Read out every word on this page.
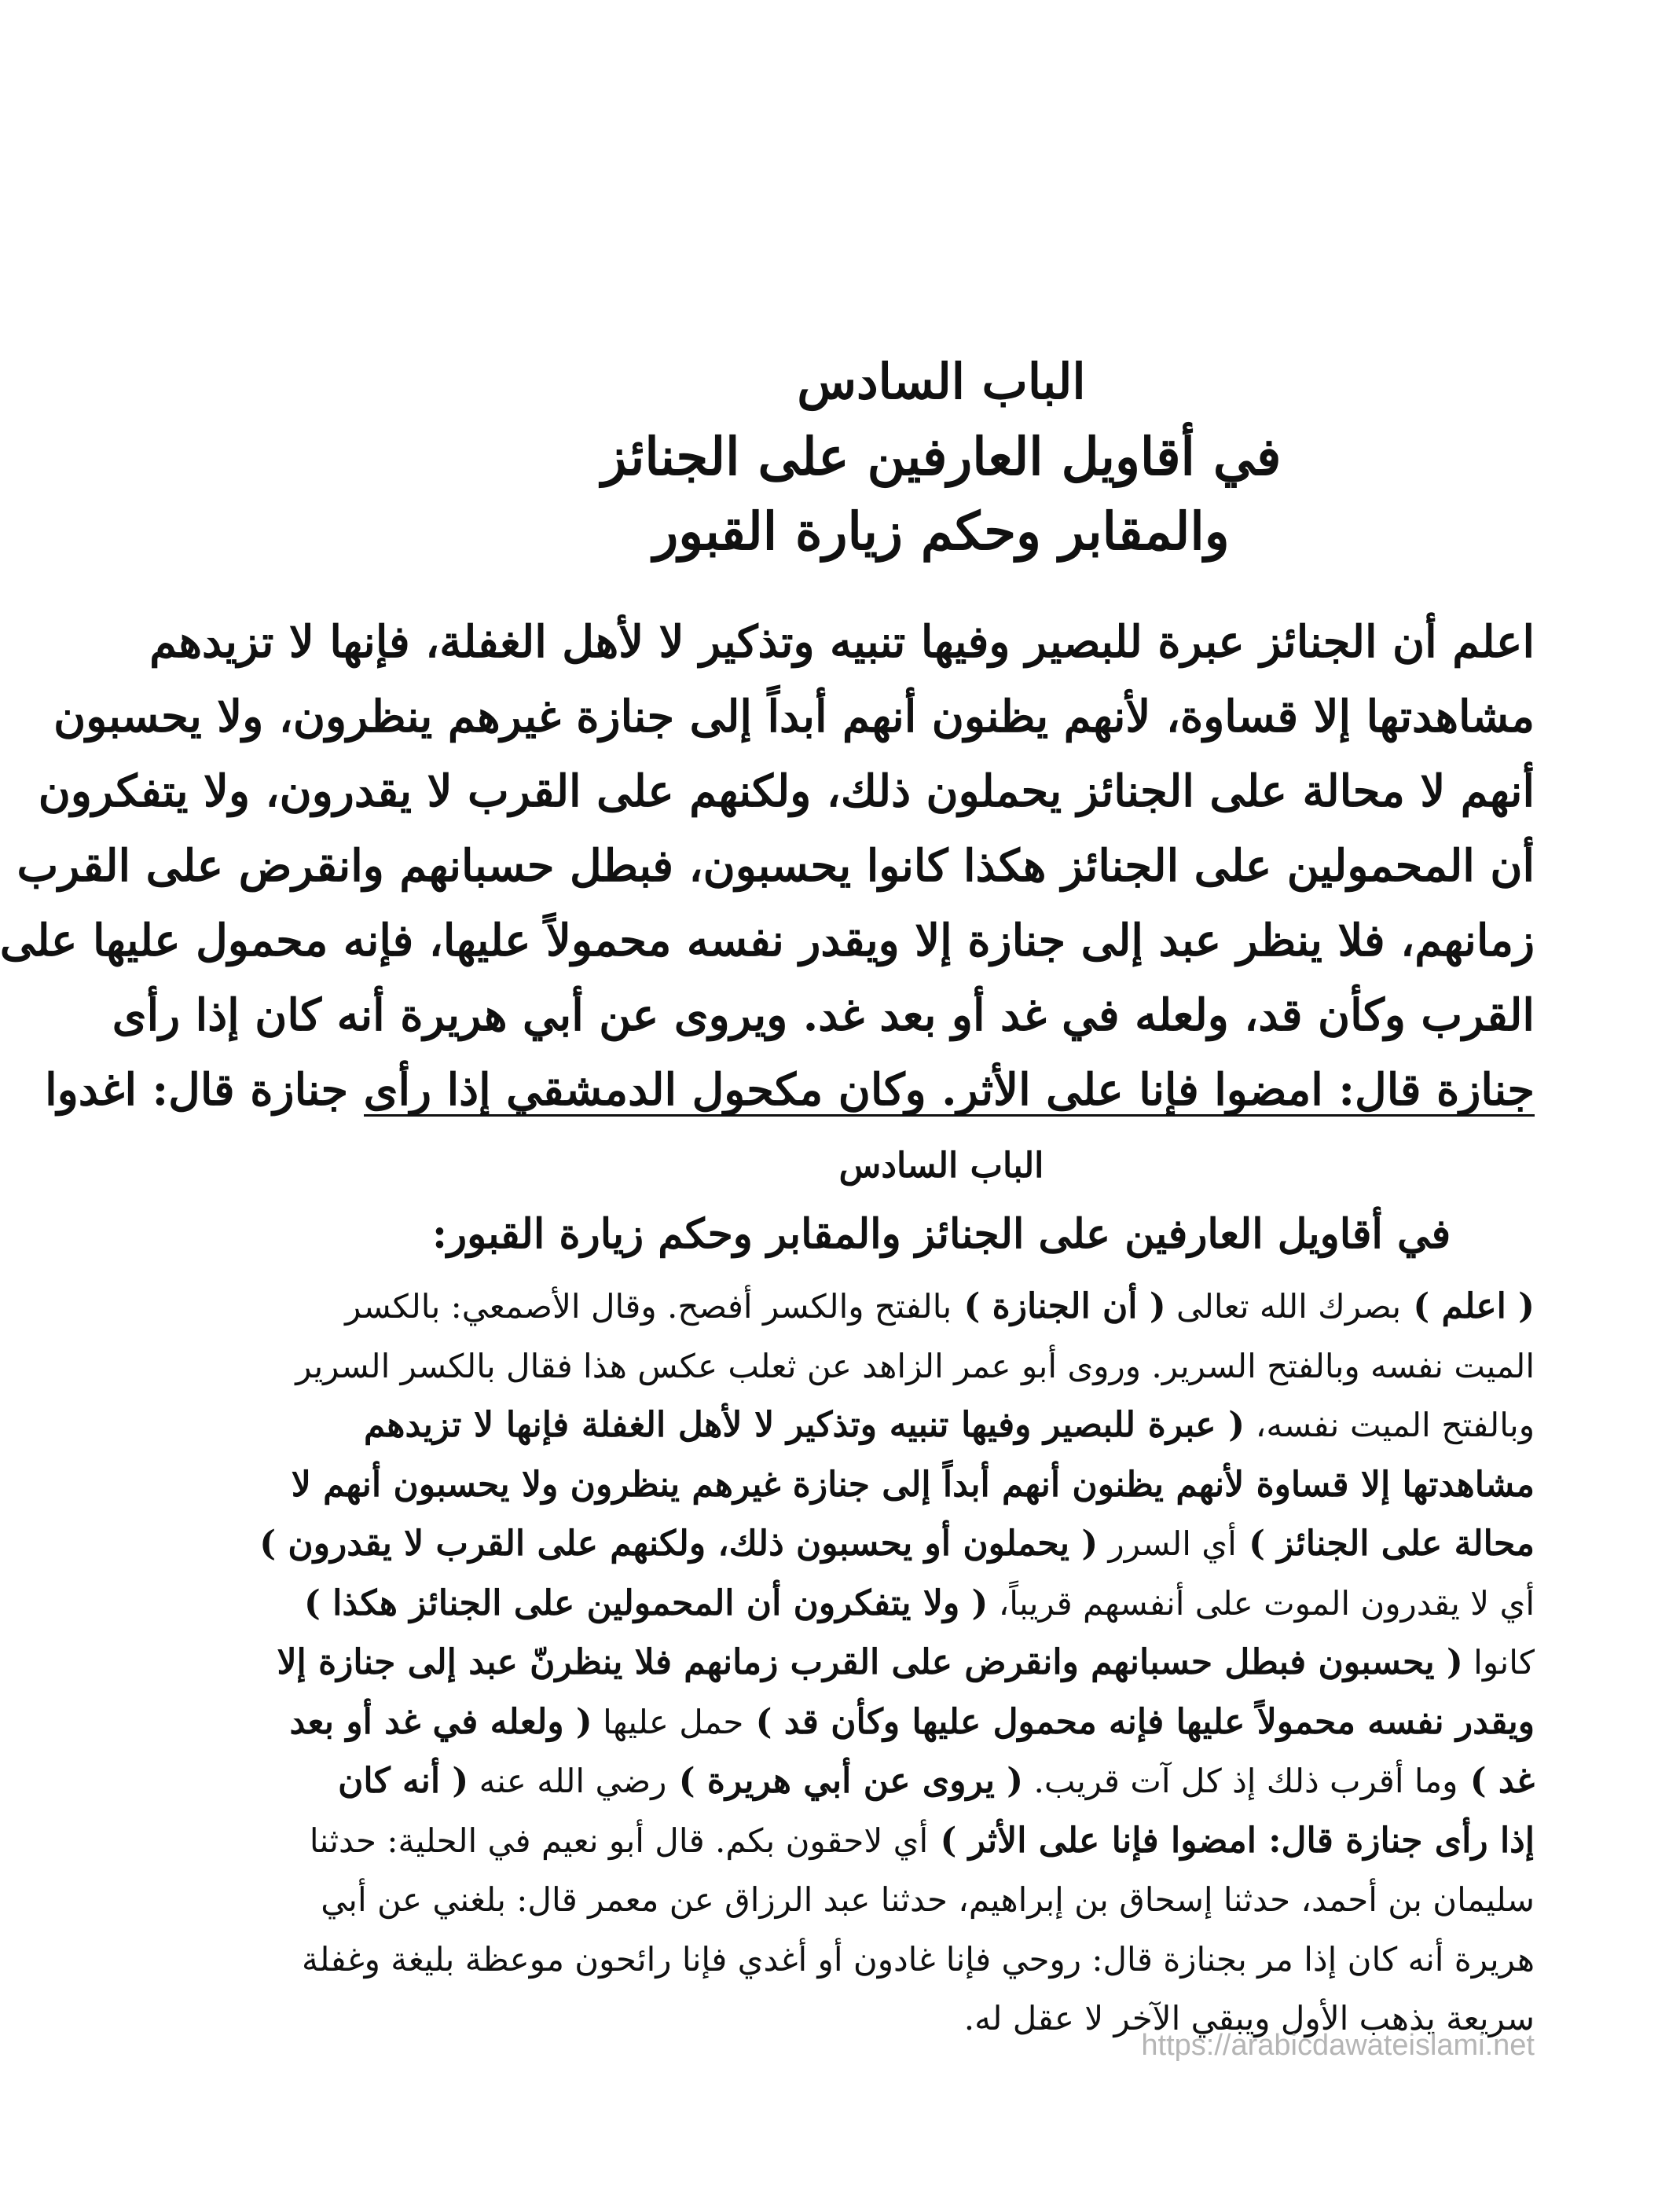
الباب السادس
في أقاويل العارفين على الجنائز
والمقابر وحكم زيارة القبور
اعلم أن الجنائز عبرة للبصير وفيها تنبيه وتذكير لا لأهل الغفلة، فإنها لا تزيدهم
مشاهدتها إلا قساوة، لأنهم يظنون أنهم أبداً إلى جنازة غيرهم ينظرون، ولا يحسبون
أنهم لا محالة على الجنائز يحملون ذلك، ولكنهم على القرب لا يقدرون، ولا يتفكرون
أن المحمولين على الجنائز هكذا كانوا يحسبون، فبطل حسبانهم وانقرض على القرب
زمانهم، فلا ينظر عبد إلى جنازة إلا ويقدر نفسه محمولاً عليها، فإنه محمول عليها على
القرب وكأن قد، ولعله في غد أو بعد غد. ويروى عن أبي هريرة أنه كان إذا رأى
جنازة قال: امضوا فإنا على الأثر. وكان مكحول الدمشقي إذا رأى جنازة قال: اغدوا
الباب السادس
في أقاويل العارفين على الجنائز والمقابر وحكم زيارة القبور:
( اعلم ) بصرك الله تعالى ( أن الجنازة ) بالفتح والكسر أفصح. وقال الأصمعي: بالكسر
الميت نفسه وبالفتح السرير. وروى أبو عمر الزاهد عن ثعلب عكس هذا فقال بالكسر السرير
وبالفتح الميت نفسه، ( عبرة للبصير وفيها تنبيه وتذكير لا لأهل الغفلة فإنها لا تزيدهم
مشاهدتها إلا قساوة لأنهم يظنون أنهم أبداً إلى جنازة غيرهم ينظرون ولا يحسبون أنهم لا
محالة على الجنائز ) أي السرر ( يحملون أو يحسبون ذلك، ولكنهم على القرب لا يقدرون )
أي لا يقدرون الموت على أنفسهم قريباً، ( ولا يتفكرون أن المحمولين على الجنائز هكذا )
كانوا ( يحسبون فبطل حسبانهم وانقرض على القرب زمانهم فلا ينظرنّ عبد إلى جنازة إلا
ويقدر نفسه محمولاً عليها فإنه محمول عليها وكأن قد ) حمل عليها ( ولعله في غد أو بعد
غد ) وما أقرب ذلك إذ كل آت قريب. ( يروى عن أبي هريرة ) رضي الله عنه ( أنه كان
إذا رأى جنازة قال: امضوا فإنا على الأثر ) أي لاحقون بكم. قال أبو نعيم في الحلية: حدثنا
سليمان بن أحمد، حدثنا إسحاق بن إبراهيم، حدثنا عبد الرزاق عن معمر قال: بلغني عن أبي
هريرة أنه كان إذا مر بجنازة قال: روحي فإنا غادون أو أغدي فإنا رائحون موعظة بليغة وغفلة
سريعة يذهب الأول ويبقي الآخر لا عقل له.
https://arabicdawateislami.net
